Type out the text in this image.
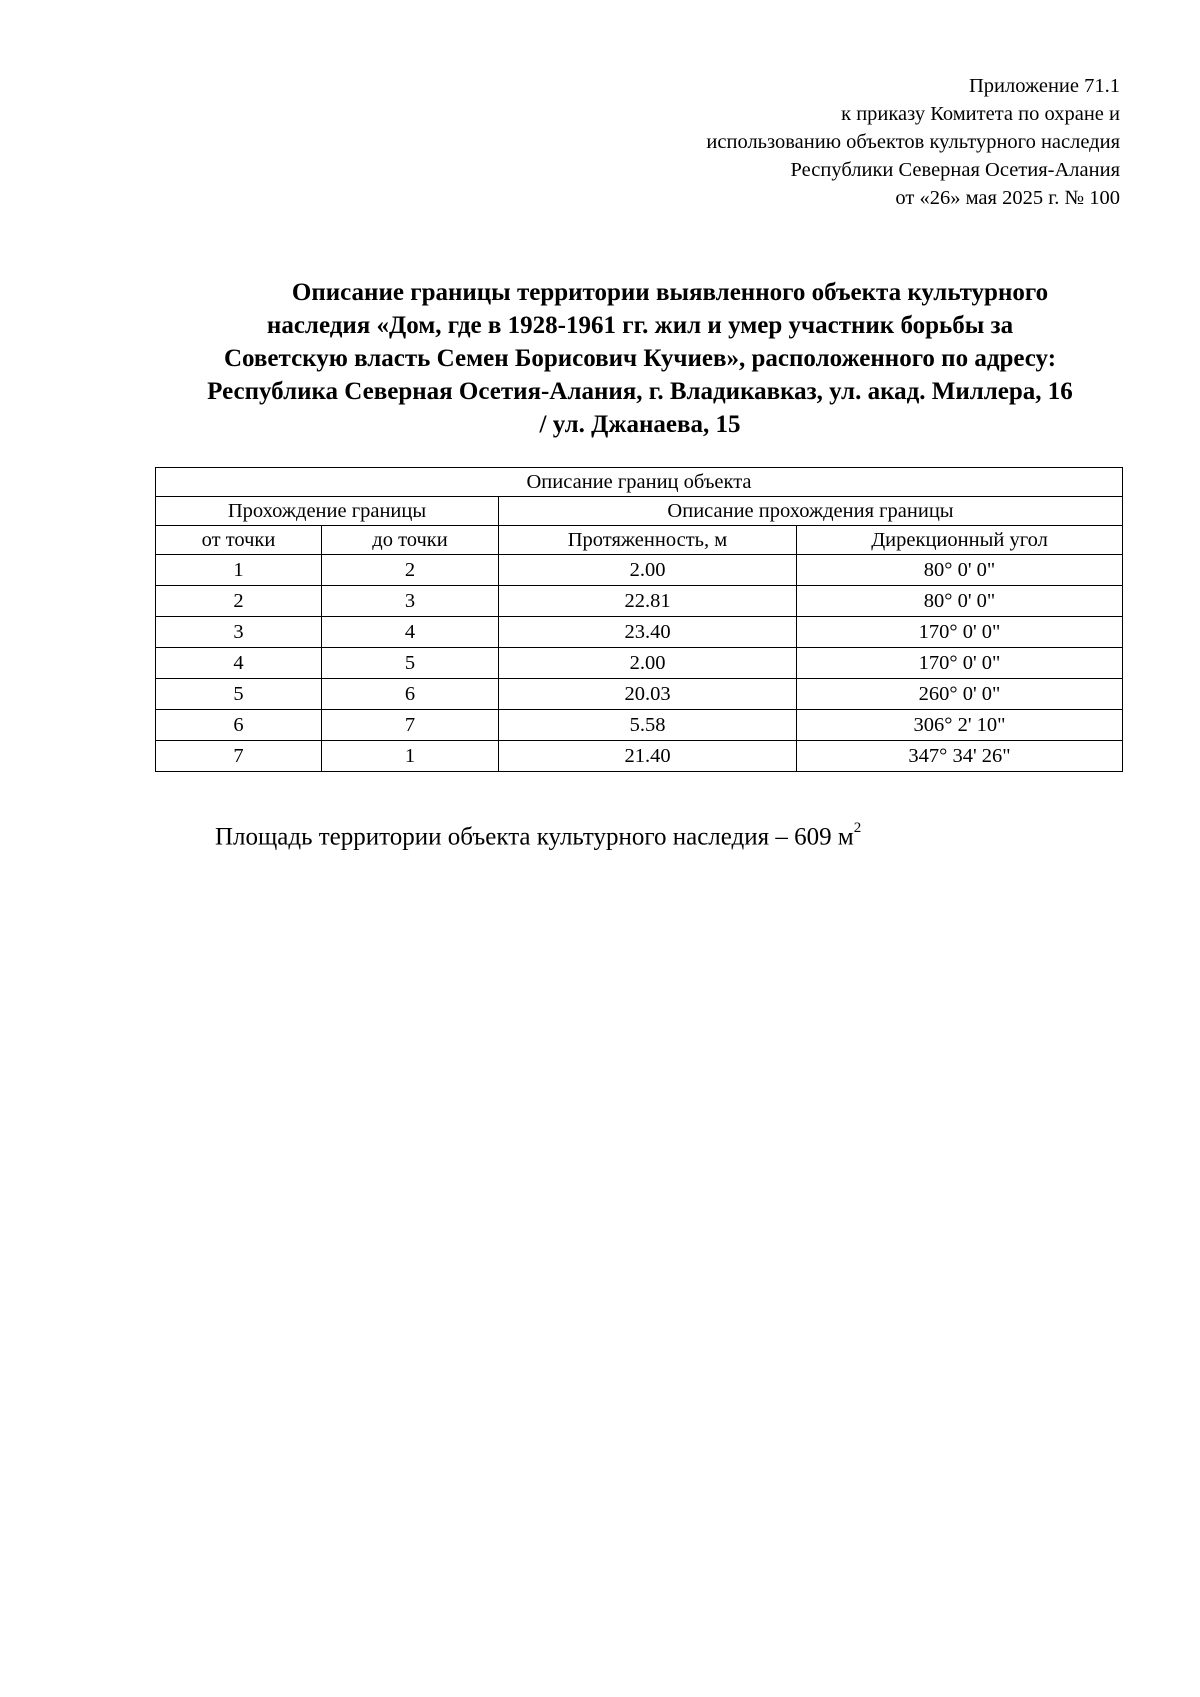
Приложение 71.1
к приказу Комитета по охране и
использованию объектов культурного наследия
Республики Северная Осетия-Алания
от «26» мая 2025 г. № 100
Описание границы территории выявленного объекта культурного
наследия «Дом, где в 1928-1961 гг. жил и умер участник борьбы за
Советскую власть Семен Борисович Кучиев», расположенного по адресу:
Республика Северная Осетия-Алания, г. Владикавказ, ул. акад. Миллера, 16
/ ул. Джанаева, 15
Описание границ объекта			
Прохождение границы		Описание прохождения границы	
от точки	до точки	Протяженность, м	Дирекционный угол
1	2	2.00	80° 0' 0"
2	3	22.81	80° 0' 0"
3	4	23.40	170° 0' 0"
4	5	2.00	170° 0' 0"
5	6	20.03	260° 0' 0"
6	7	5.58	306° 2' 10"
7	1	21.40	347° 34' 26"
Площадь территории объекта культурного наследия – 609 $м^2$
